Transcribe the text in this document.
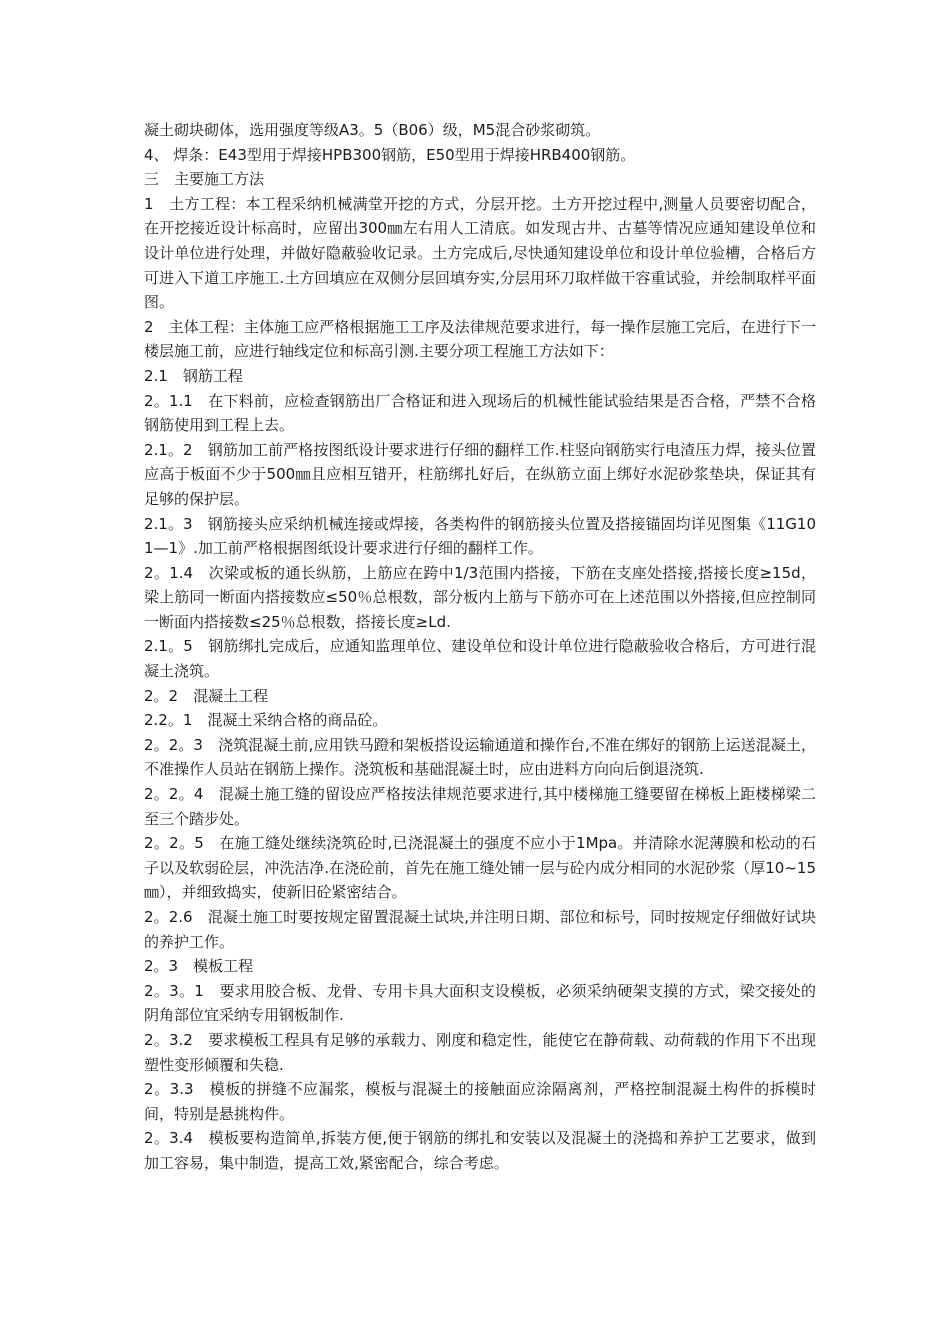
凝土砌块砌体，选用强度等级A3。5（B06）级，M5混合砂浆砌筑。

4、 焊条：E43型用于焊接HPB300钢筋，E50型用于焊接HRB400钢筋。

三　主要施工方法

1　土方工程：本工程采纳机械满堂开挖的方式，分层开挖。土方开挖过程中,测量人员要密切配合，在开挖接近设计标高时，应留出300㎜左右用人工清底。如发现古井、古墓等情况应通知建设单位和设计单位进行处理，并做好隐蔽验收记录。土方完成后,尽快通知建设单位和设计单位验槽，合格后方可进入下道工序施工.土方回填应在双侧分层回填夯实,分层用环刀取样做干容重试验，并绘制取样平面图。

2　主体工程：主体施工应严格根据施工工序及法律规范要求进行，每一操作层施工完后，在进行下一楼层施工前，应进行轴线定位和标高引测.主要分项工程施工方法如下：

2.1　钢筋工程

2。1.1　在下料前，应检查钢筋出厂合格证和进入现场后的机械性能试验结果是否合格，严禁不合格钢筋使用到工程上去。

2.1。2　钢筋加工前严格按图纸设计要求进行仔细的翻样工作.柱竖向钢筋实行电渣压力焊，接头位置应高于板面不少于500㎜且应相互错开，柱筋绑扎好后，在纵筋立面上绑好水泥砂浆垫块，保证其有足够的保护层。

2.1。3　钢筋接头应采纳机械连接或焊接，各类构件的钢筋接头位置及搭接锚固均详见图集《11G101—1》.加工前严格根据图纸设计要求进行仔细的翻样工作。

2。1.4　次梁或板的通长纵筋，上筋应在跨中1/3范围内搭接，下筋在支座处搭接,搭接长度≥15d，梁上筋同一断面内搭接数应≤50％总根数，部分板内上筋与下筋亦可在上述范围以外搭接,但应控制同一断面内搭接数≤25％总根数，搭接长度≥Ld.

2.1。5　钢筋绑扎完成后，应通知监理单位、建设单位和设计单位进行隐蔽验收合格后，方可进行混凝土浇筑。

2。2　混凝土工程

2.2。1　混凝土采纳合格的商品砼。

2。2。3　浇筑混凝土前,应用铁马蹬和架板搭设运输通道和操作台,不准在绑好的钢筋上运送混凝土，不准操作人员站在钢筋上操作。浇筑板和基础混凝土时，应由进料方向向后倒退浇筑.

2。2。4　混凝土施工缝的留设应严格按法律规范要求进行,其中楼梯施工缝要留在梯板上距楼梯梁二至三个踏步处。

2。2。5　在施工缝处继续浇筑砼时,已浇混凝土的强度不应小于1Mpa。并清除水泥薄膜和松动的石子以及软弱砼层，冲洗洁净.在浇砼前，首先在施工缝处铺一层与砼内成分相同的水泥砂浆（厚10~15㎜），并细致捣实，使新旧砼紧密结合。

2。2.6　混凝土施工时要按规定留置混凝土试块,并注明日期、部位和标号，同时按规定仔细做好试块的养护工作。

2。3　模板工程

2。3。1　要求用胶合板、龙骨、专用卡具大面积支设模板，必须采纳硬架支摸的方式，梁交接处的阴角部位宜采纳专用钢板制作.

2。3.2　要求模板工程具有足够的承载力、刚度和稳定性，能使它在静荷载、动荷载的作用下不出现塑性变形倾覆和失稳.

2。3.3　模板的拼缝不应漏浆，模板与混凝土的接触面应涂隔离剂，严格控制混凝土构件的拆模时间，特别是悬挑构件。

2。3.4　模板要构造简单,拆装方便,便于钢筋的绑扎和安装以及混凝土的浇捣和养护工艺要求，做到加工容易，集中制造，提高工效,紧密配合，综合考虑。
